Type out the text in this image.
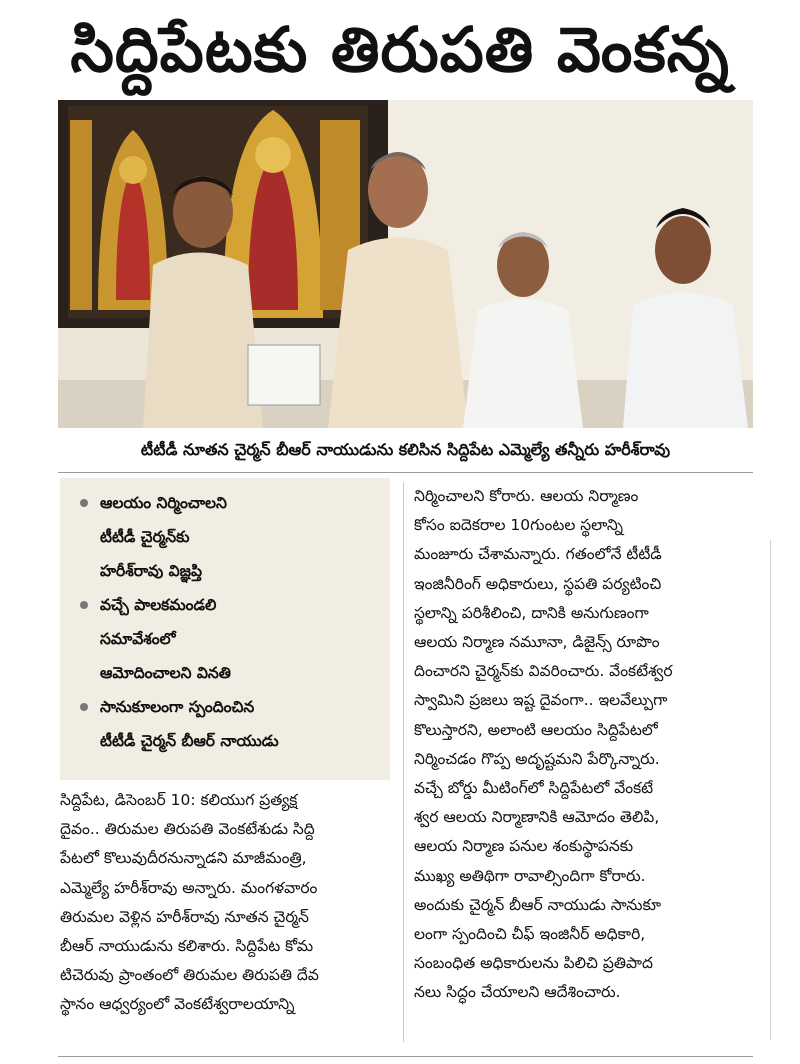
సిద్దిపేటకు తిరుపతి వెంకన్న
టీటీడీ నూతన చైర్మన్ బీఆర్ నాయుడును కలిసిన సిద్దిపేట ఎమ్మెల్యే తన్నీరు హరీశ్‌రావు
ఆలయం నిర్మించాలని
టీటీడీ చైర్మన్‌కు
హరీశ్‌రావు విజ్ఞప్తి
వచ్చే పాలకమండలి
సమావేశంలో
ఆమోదించాలని వినతి
సానుకూలంగా స్పందించిన
టీటీడీ చైర్మన్ బీఆర్ నాయుడు
సిద్దిపేట, డిసెంబర్ 10: కలియుగ ప్రత్యక్ష
దైవం.. తిరుమల తిరుపతి వెంకటేశుడు సిద్ది
పేటలో కొలువుదీరనున్నాడని మాజీమంత్రి,
ఎమ్మెల్యే హరీశ్‌రావు అన్నారు. మంగళవారం
తిరుమల వెళ్లిన హరీశ్‌రావు నూతన చైర్మన్
బీఆర్ నాయుడును కలిశారు. సిద్దిపేట కోమ
టిచెరువు ప్రాంతంలో తిరుమల తిరుపతి దేవ
స్థానం ఆధ్వర్యంలో వెంకటేశ్వరాలయాన్ని
నిర్మించాలని కోరారు. ఆలయ నిర్మాణం
కోసం ఐదెకరాల 10గుంటల స్థలాన్ని
మంజూరు చేశామన్నారు. గతంలోనే టీటీడీ
ఇంజినీరింగ్ అధికారులు, స్థపతి పర్యటించి
స్థలాన్ని పరిశీలించి, దానికి అనుగుణంగా
ఆలయ నిర్మాణ నమూనా, డిజైన్స్ రూపొం
దించారని చైర్మన్‌కు వివరించారు. వేంకటేశ్వర
స్వామిని ప్రజలు ఇష్ట దైవంగా.. ఇలవేల్పుగా
కొలుస్తారని, అలాంటి ఆలయం సిద్దిపేటలో
నిర్మించడం గొప్ప అదృష్టమని పేర్కొన్నారు.
వచ్చే బోర్డు మీటింగ్‌లో సిద్దిపేటలో వేంకటే
శ్వర ఆలయ నిర్మాణానికి ఆమోదం తెలిపి,
ఆలయ నిర్మాణ పనుల శంకుస్థాపనకు
ముఖ్య అతిథిగా రావాల్సిందిగా కోరారు.
అందుకు చైర్మన్ బీఆర్ నాయుడు సానుకూ
లంగా స్పందించి చీఫ్ ఇంజినీర్ అధికారి,
సంబంధిత అధికారులను పిలిచి ప్రతిపాద
నలు సిద్ధం చేయాలని ఆదేశించారు.
